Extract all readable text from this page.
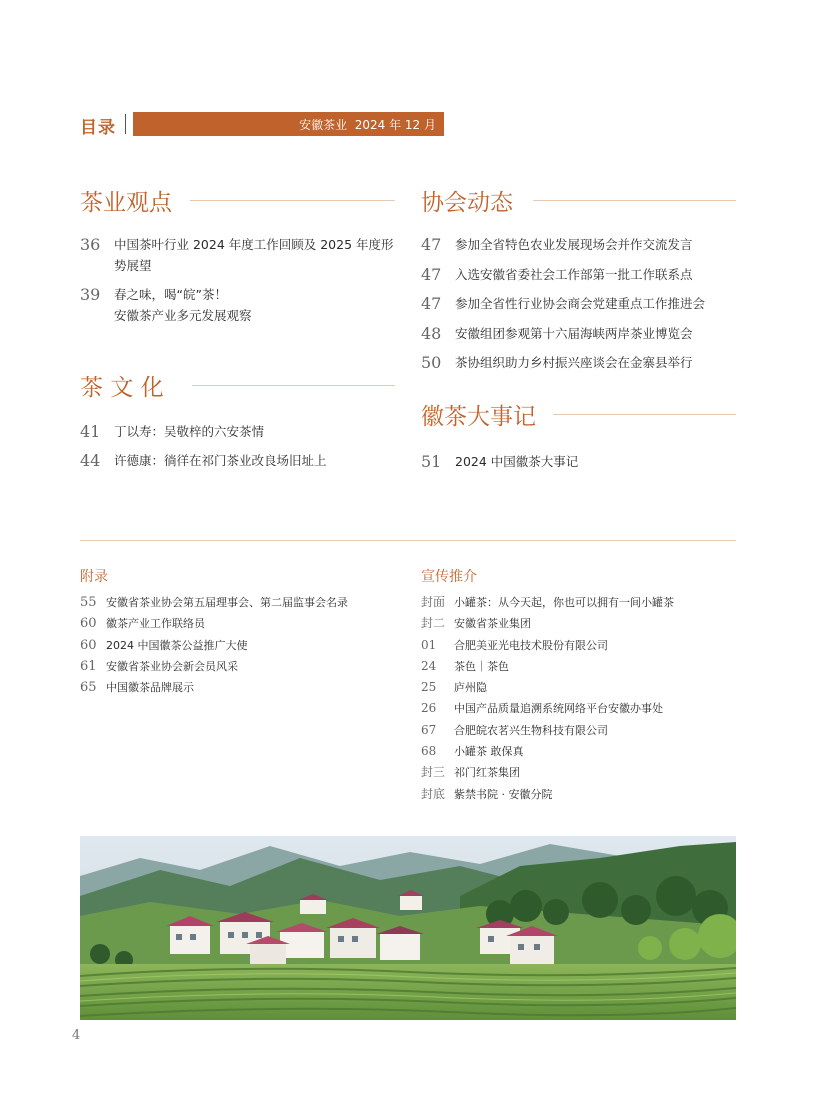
目录	安徽茶业  2024 年 12 月
茶业观点
36 中国茶叶行业 2024 年度工作回顾及 2025 年度形
势展望
39 春之味，喝“皖”茶！
安徽茶产业多元发展观察
茶 文 化
41 丁以寿：吴敬梓的六安茶情
44 许德康：徜徉在祁门茶业改良场旧址上
协会动态
47 参加全省特色农业发展现场会并作交流发言
47 入选安徽省委社会工作部第一批工作联系点
47 参加全省性行业协会商会党建重点工作推进会
48 安徽组团参观第十六届海峡两岸茶业博览会
50 茶协组织助力乡村振兴座谈会在金寨县举行
徽茶大事记
51 2024 中国徽茶大事记
附录
55 安徽省茶业协会第五届理事会、第二届监事会名录
60 徽茶产业工作联络员
60 2024 中国徽茶公益推广大使
61 安徽省茶业协会新会员风采
65 中国徽茶品牌展示
宣传推介
封面 小罐茶：从今天起，你也可以拥有一间小罐茶
封二 安徽省茶业集团
01 合肥美亚光电技术股份有限公司
24 茶色｜茶色
25 庐州隐
26 中国产品质量追溯系统网络平台安徽办事处
67 合肥皖农茗兴生物科技有限公司
68 小罐茶 敢保真
封三 祁门红茶集团
封底 紫禁书院 · 安徽分院
4
